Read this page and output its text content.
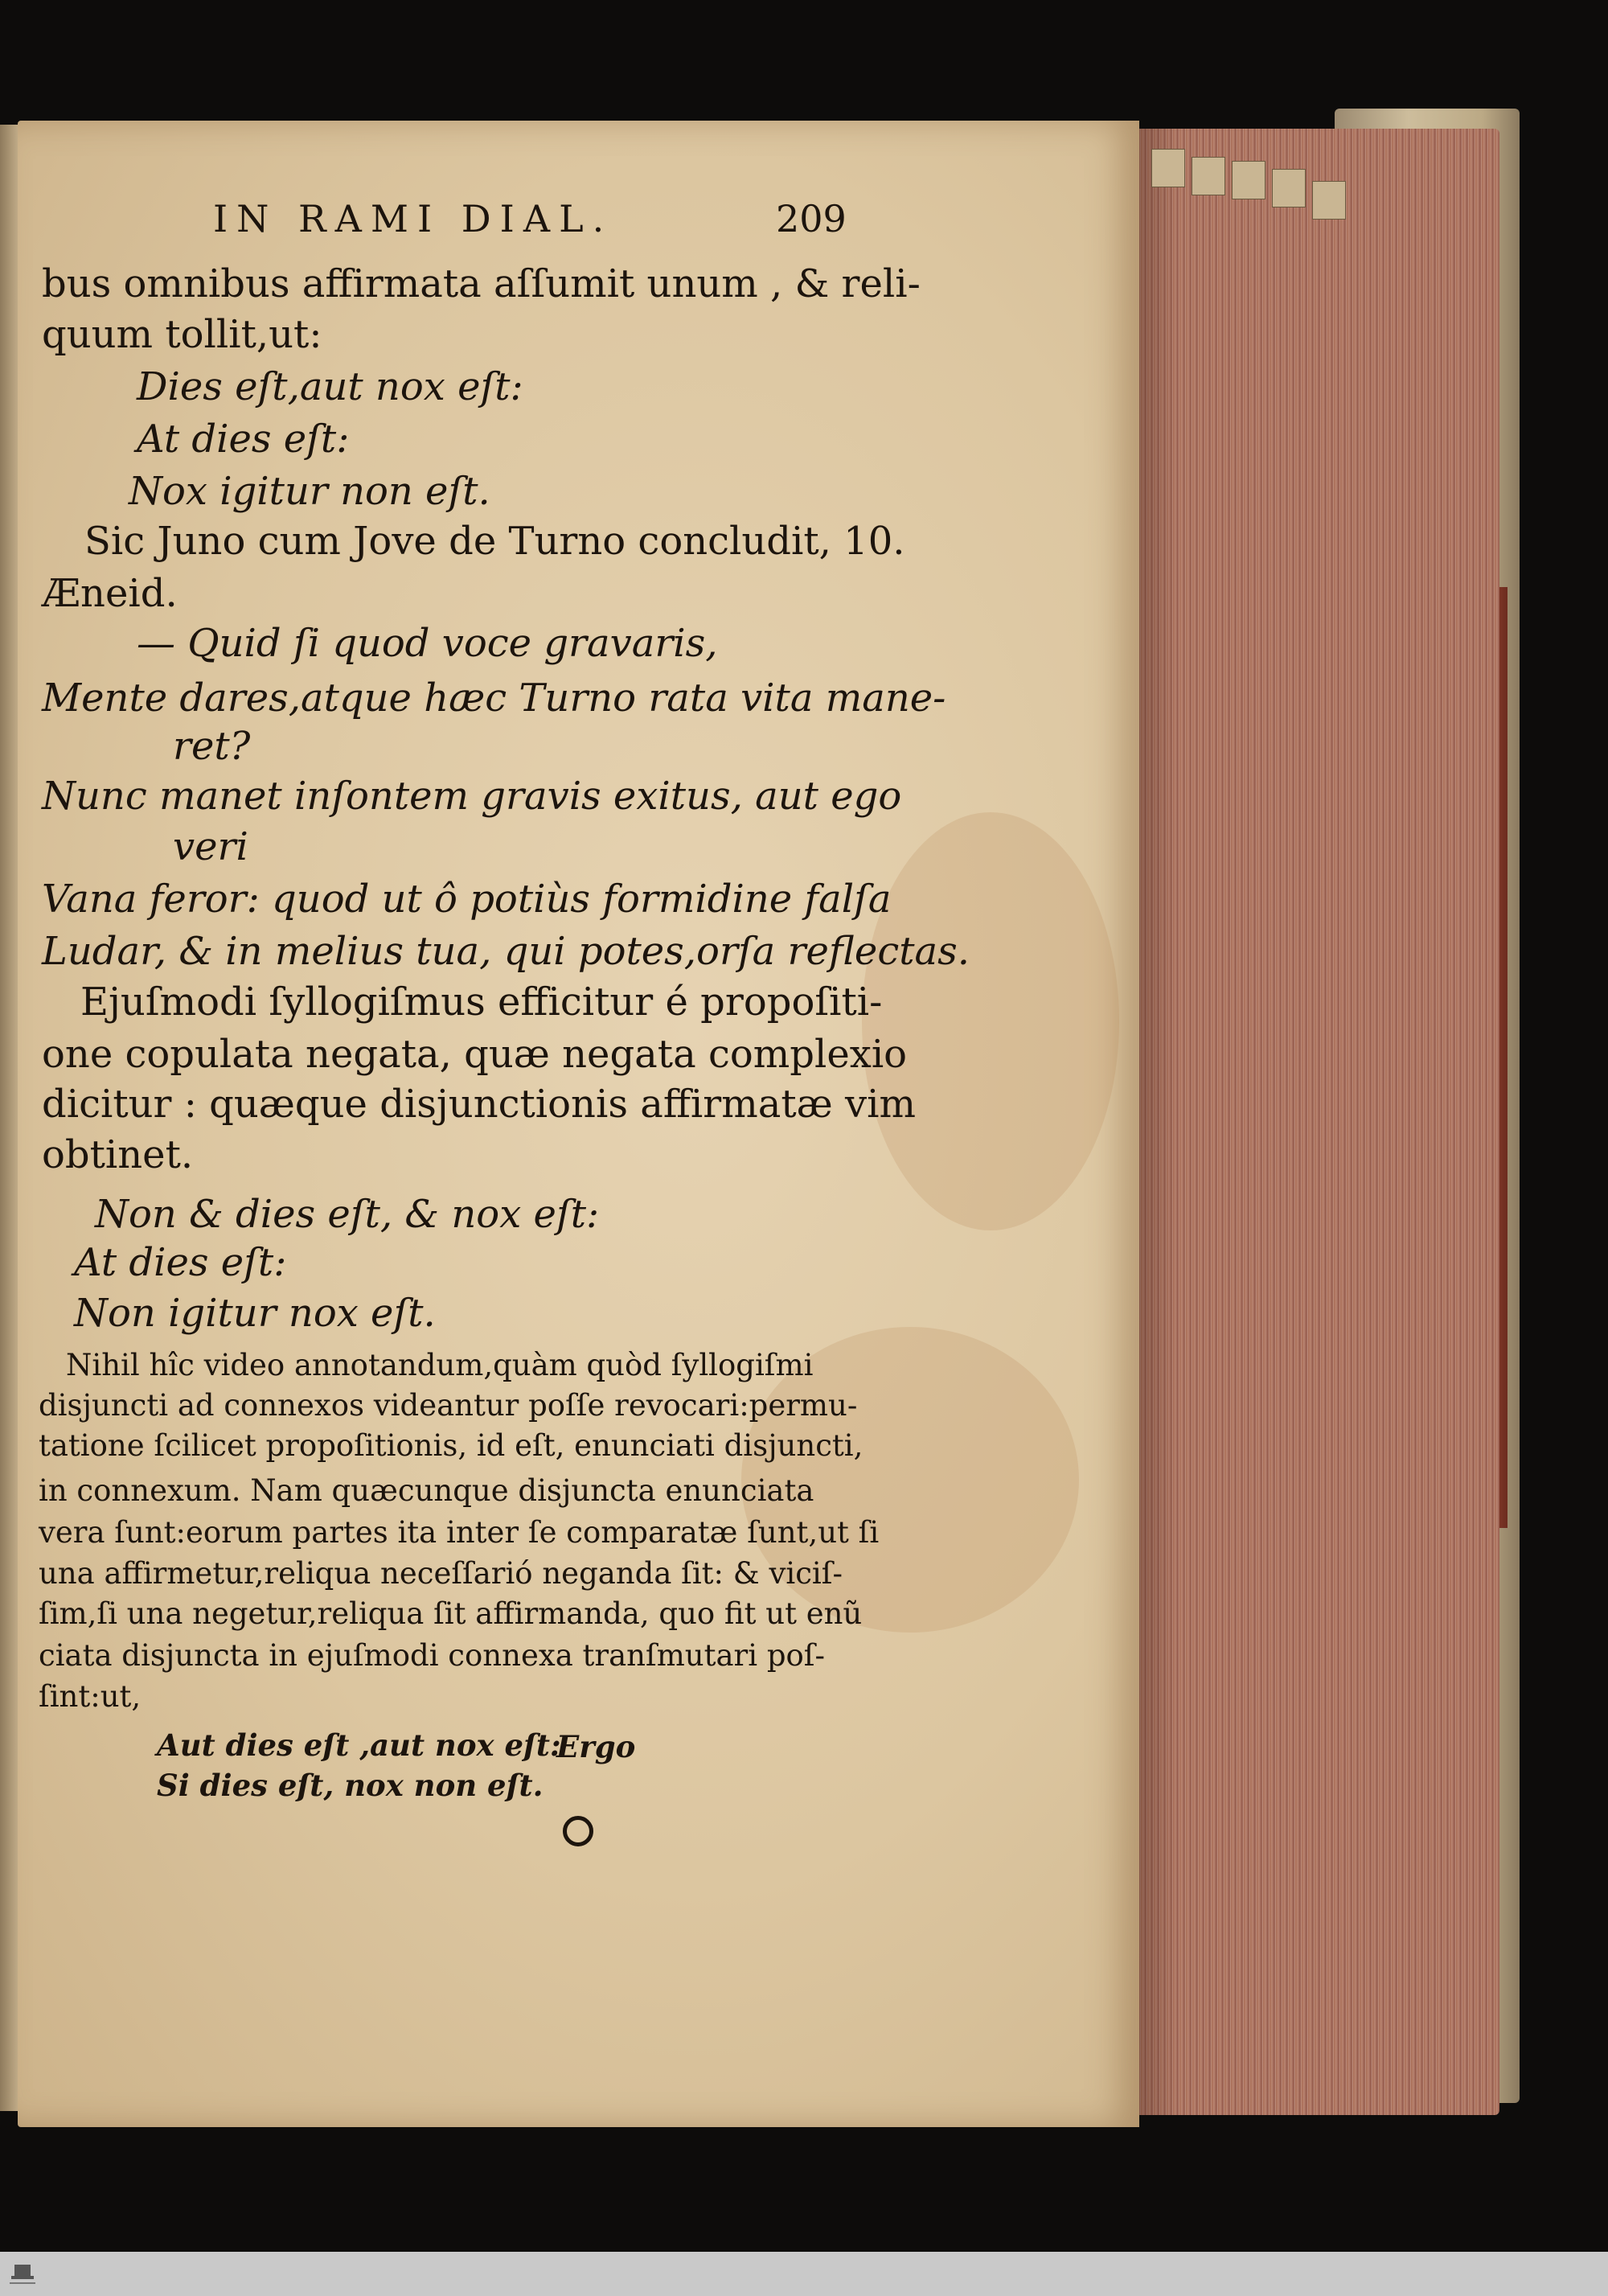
IN RAMI DIAL.	209
bus omnibus affirmata aſſumit unum , & reli-
quum tollit,ut:
Dies eſt,aut nox eſt:
At dies eſt:
Nox igitur non eſt.
Sic Juno cum Jove de Turno concludit, 10.
Æneid.
— Quid ſi quod voce gravaris,
Mente dares,atque hæc Turno rata vita mane-
ret?
Nunc manet inſontem gravis exitus, aut ego
veri
Vana feror: quod ut ô potiùs formidine falſa
Ludar, & in melius tua, qui potes,orſa reflectas.
Ejuſmodi ſyllogiſmus efficitur é propoſiti-
one copulata negata, quæ negata complexio
dicitur : quæque disjunctionis affirmatæ vim
obtinet.
Non & dies eſt, & nox eſt:
At dies eſt:
Non igitur nox eſt.
Nihil hîc video annotandum,quàm quòd ſyllogiſmi
disjuncti ad connexos videantur poſſe revocari:permu-
tatione ſcilicet propoſitionis, id eſt, enunciati disjuncti,
in connexum. Nam quæcunque disjuncta enunciata
vera ſunt:eorum partes ita inter ſe comparatæ ſunt,ut ſi
una affirmetur,reliqua neceſſarió neganda ſit: & viciſ-
ſim,ſi una negetur,reliqua ſit affirmanda, quo fit ut enũ
ciata disjuncta in ejuſmodi connexa tranſmutari poſ-
ſint:ut,
Aut dies eſt ,aut nox eſt:
Ergo
Si dies eſt, nox non eſt.
